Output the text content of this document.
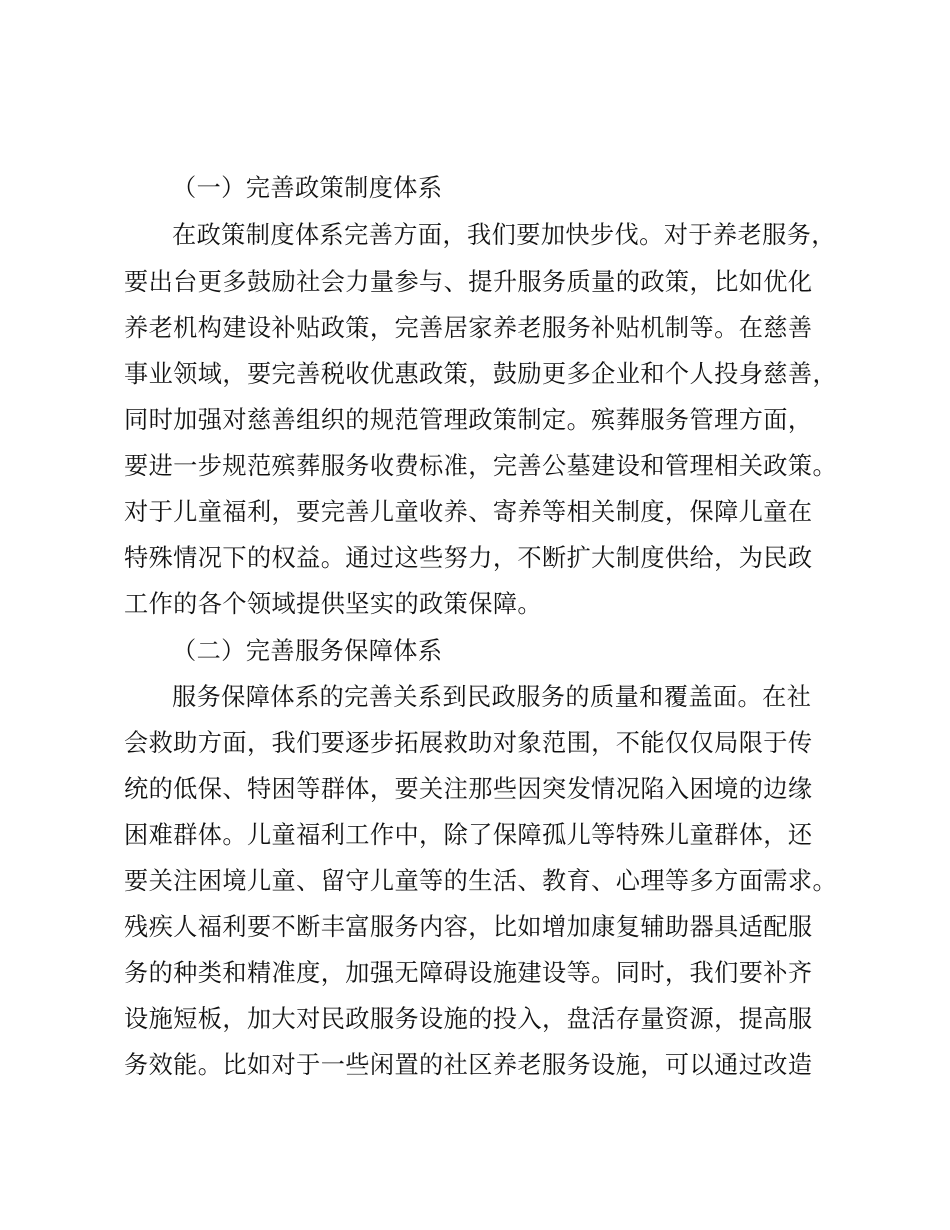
（一）完善政策制度体系
在政策制度体系完善方面，我们要加快步伐。对于养老服务，
要出台更多鼓励社会力量参与、提升服务质量的政策，比如优化
养老机构建设补贴政策，完善居家养老服务补贴机制等。在慈善
事业领域，要完善税收优惠政策，鼓励更多企业和个人投身慈善，
同时加强对慈善组织的规范管理政策制定。殡葬服务管理方面，
要进一步规范殡葬服务收费标准，完善公墓建设和管理相关政策。
对于儿童福利，要完善儿童收养、寄养等相关制度，保障儿童在
特殊情况下的权益。通过这些努力，不断扩大制度供给，为民政
工作的各个领域提供坚实的政策保障。
（二）完善服务保障体系
服务保障体系的完善关系到民政服务的质量和覆盖面。在社
会救助方面，我们要逐步拓展救助对象范围，不能仅仅局限于传
统的低保、特困等群体，要关注那些因突发情况陷入困境的边缘
困难群体。儿童福利工作中，除了保障孤儿等特殊儿童群体，还
要关注困境儿童、留守儿童等的生活、教育、心理等多方面需求。
残疾人福利要不断丰富服务内容，比如增加康复辅助器具适配服
务的种类和精准度，加强无障碍设施建设等。同时，我们要补齐
设施短板，加大对民政服务设施的投入，盘活存量资源，提高服
务效能。比如对于一些闲置的社区养老服务设施，可以通过改造
